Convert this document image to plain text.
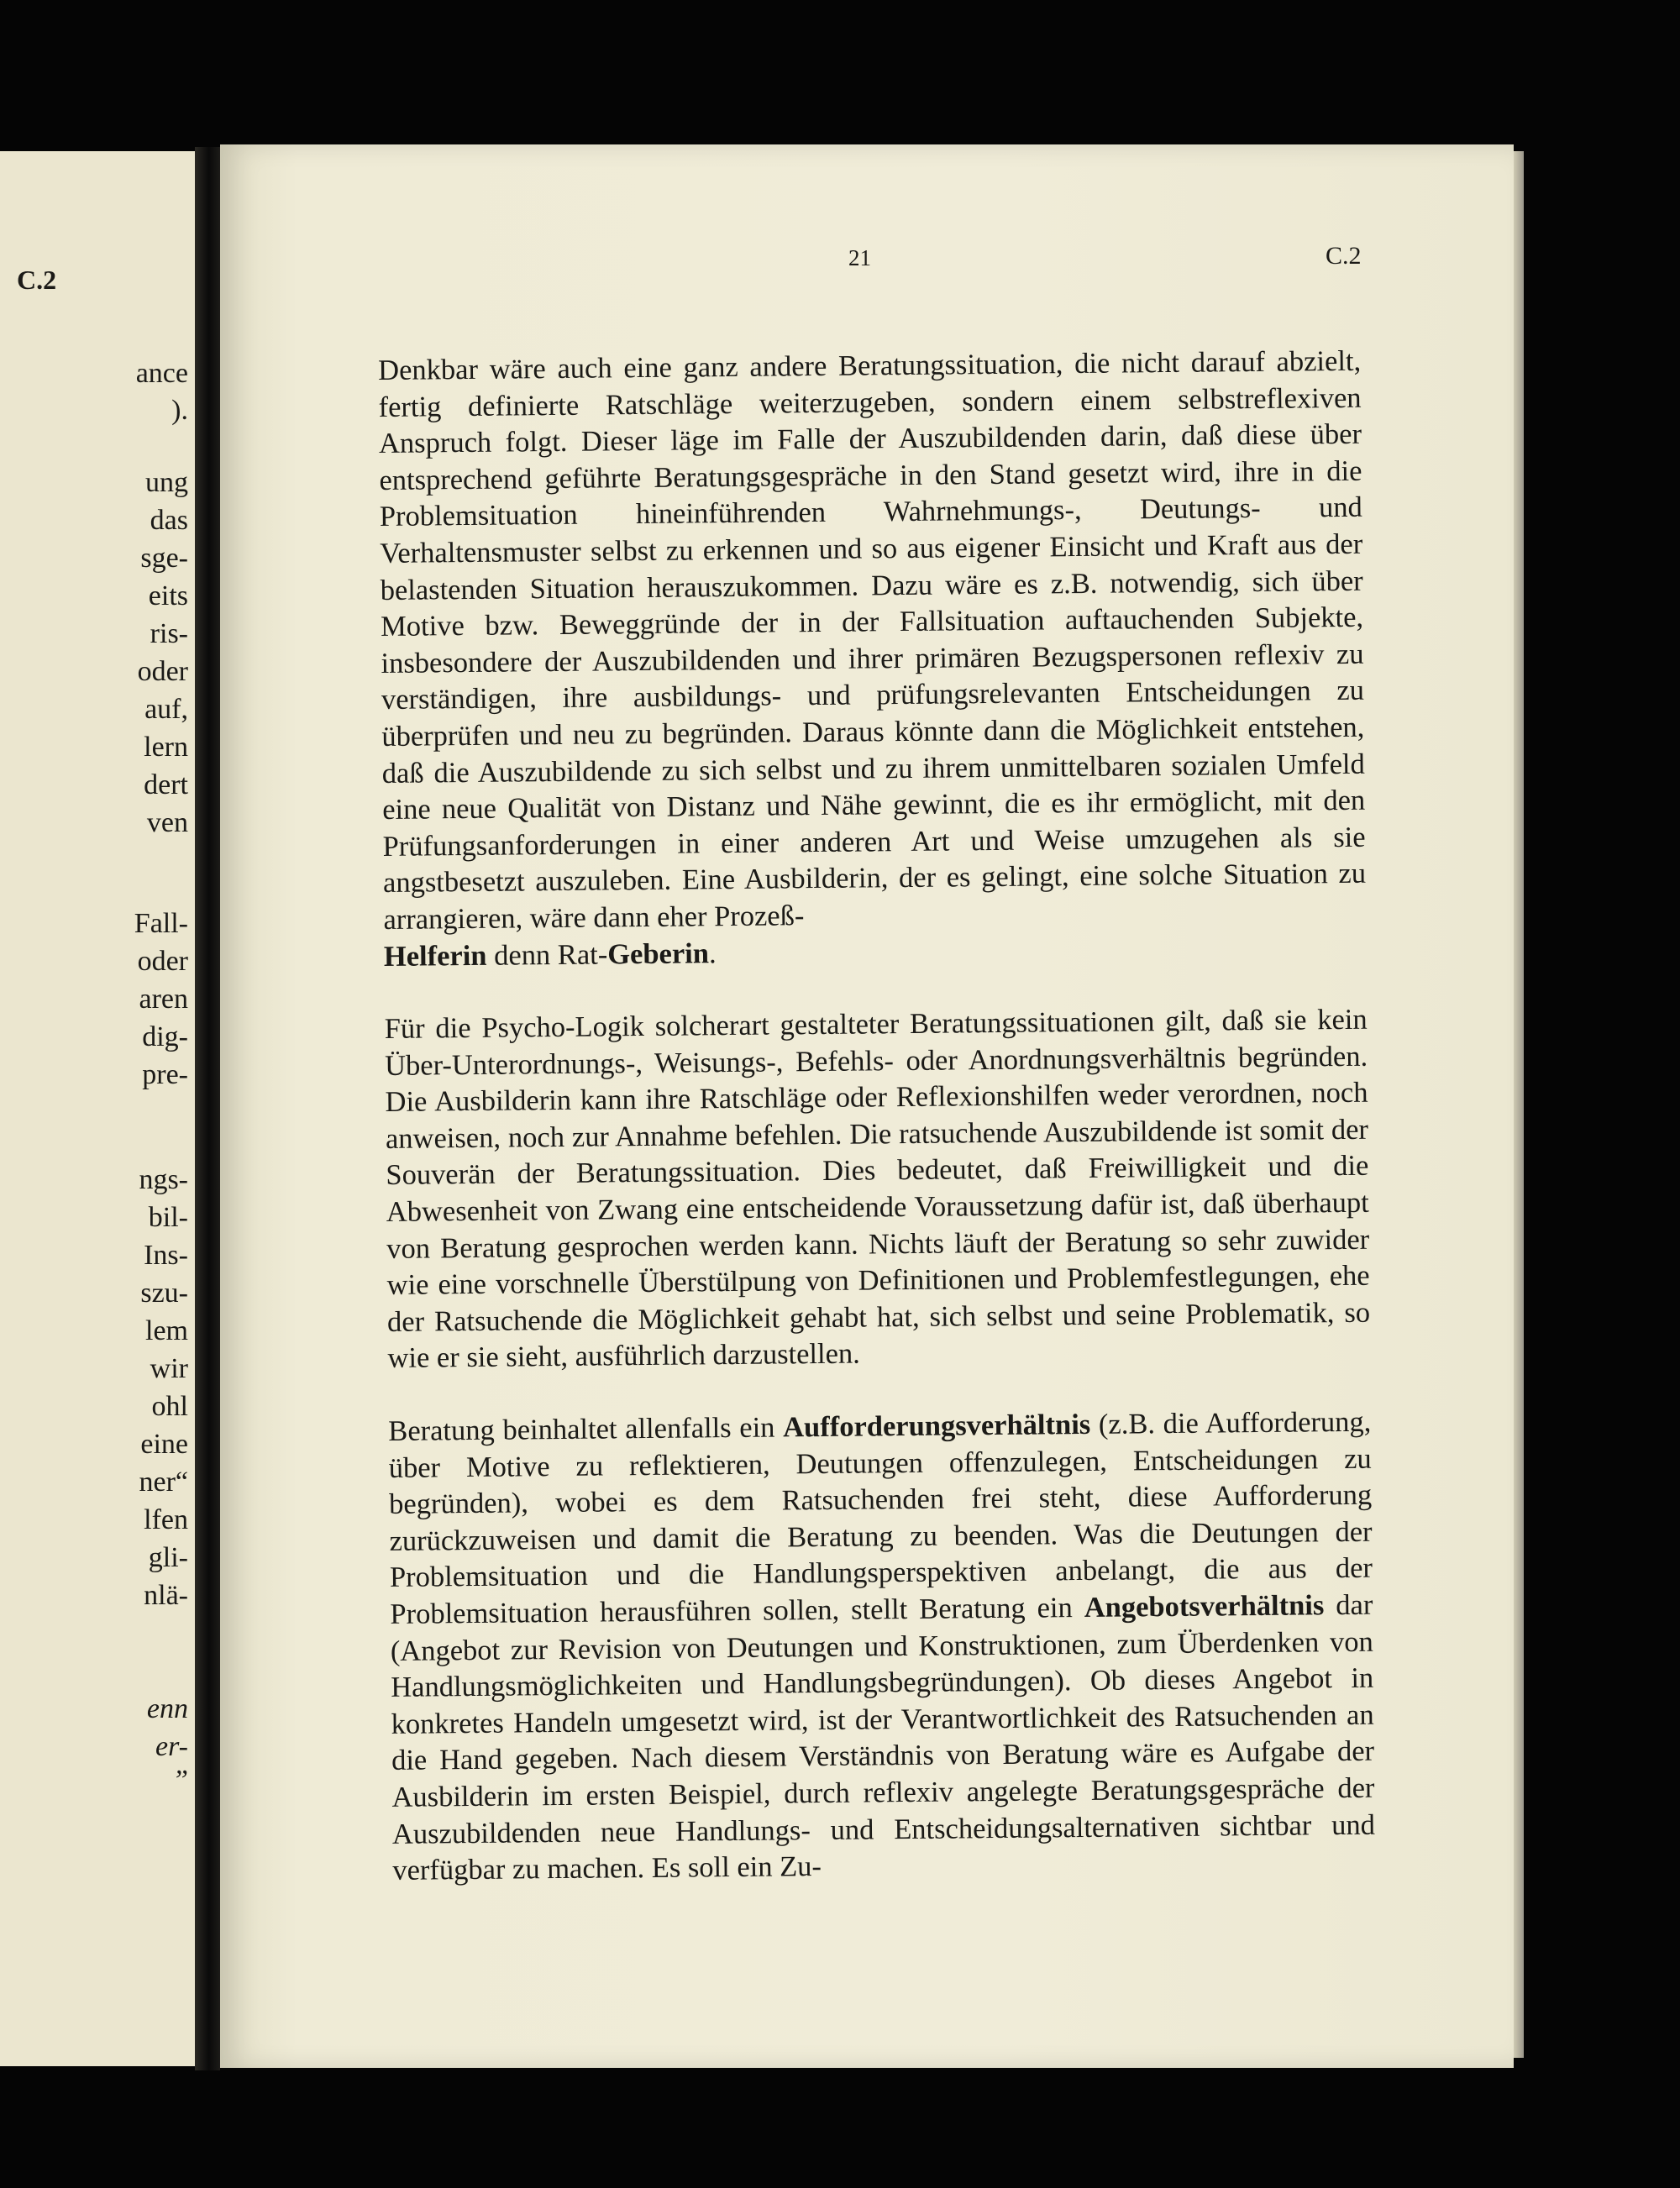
C.2
ance
).
ung
das
sge-
eits
ris-
oder
auf,
lern
dert
ven
Fall-
oder
aren
dig-
pre-
ngs-
bil-
Ins-
szu-
lem
wir
ohl
eine
ner“
lfen
gli-
nlä-
enn
er-
”
21	C.2

Denkbar wäre auch eine ganz andere Beratungssituation, die nicht darauf abzielt, fertig definierte Ratschläge weiterzugeben, sondern einem selbstreflexiven Anspruch folgt. Dieser läge im Falle der Auszubildenden darin, daß diese über entsprechend geführte Beratungsgespräche in den Stand gesetzt wird, ihre in die Problemsituation hineinführenden Wahrnehmungs-, Deutungs- und Verhaltensmuster selbst zu erkennen und so aus eigener Einsicht und Kraft aus der belastenden Situation herauszukommen. Dazu wäre es z.B. notwendig, sich über Motive bzw. Beweggründe der in der Fallsituation auftauchenden Subjekte, insbesondere der Auszubildenden und ihrer primären Bezugspersonen reflexiv zu verständigen, ihre ausbildungs- und prüfungsrelevanten Entscheidungen zu überprüfen und neu zu begründen. Daraus könnte dann die Möglichkeit entstehen, daß die Auszubildende zu sich selbst und zu ihrem unmittelbaren sozialen Umfeld eine neue Qualität von Distanz und Nähe gewinnt, die es ihr ermöglicht, mit den Prüfungsanforderungen in einer anderen Art und Weise umzugehen als sie angstbesetzt auszuleben. Eine Ausbilderin, der es gelingt, eine solche Situation zu arrangieren, wäre dann eher Prozeß-
Helferin denn Rat-Geberin.

Für die Psycho-Logik solcherart gestalteter Beratungssituationen gilt, daß sie kein Über-Unterordnungs-, Weisungs-, Befehls- oder Anordnungsverhältnis begründen. Die Ausbilderin kann ihre Ratschläge oder Reflexionshilfen weder verordnen, noch anweisen, noch zur Annahme befehlen. Die ratsuchende Auszubildende ist somit der Souverän der Beratungssituation. Dies bedeutet, daß Freiwilligkeit und die Abwesenheit von Zwang eine entscheidende Voraussetzung dafür ist, daß überhaupt von Beratung gesprochen werden kann. Nichts läuft der Beratung so sehr zuwider wie eine vorschnelle Überstülpung von Definitionen und Problemfestlegungen, ehe der Ratsuchende die Möglichkeit gehabt hat, sich selbst und seine Problematik, so wie er sie sieht, ausführlich darzustellen.

Beratung beinhaltet allenfalls ein Aufforderungsverhältnis (z.B. die Aufforderung, über Motive zu reflektieren, Deutungen offenzulegen, Entscheidungen zu begründen), wobei es dem Ratsuchenden frei steht, diese Aufforderung zurückzuweisen und damit die Beratung zu beenden. Was die Deutungen der Problemsituation und die Handlungsperspektiven anbelangt, die aus der Problemsituation herausführen sollen, stellt Beratung ein Angebotsverhältnis dar (Angebot zur Revision von Deutungen und Konstruktionen, zum Überdenken von Handlungsmöglichkeiten und Handlungsbegründungen). Ob dieses Angebot in konkretes Handeln umgesetzt wird, ist der Verantwortlichkeit des Ratsuchenden an die Hand gegeben. Nach diesem Verständnis von Beratung wäre es Aufgabe der Ausbilderin im ersten Beispiel, durch reflexiv angelegte Beratungsgespräche der Auszubildenden neue Handlungs- und Entscheidungsalternativen sichtbar und verfügbar zu machen. Es soll ein Zu-
